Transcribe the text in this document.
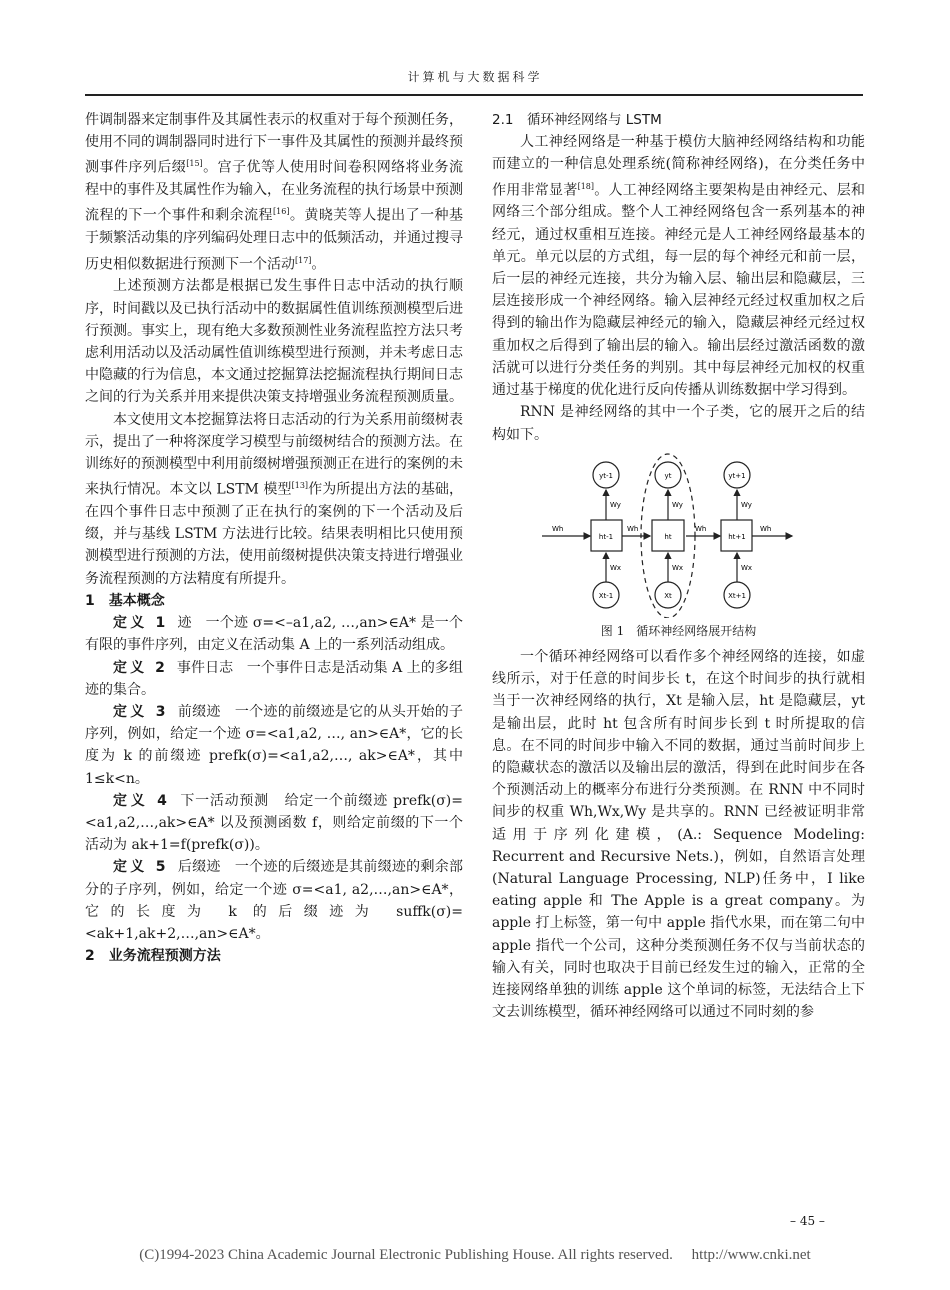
计算机与大数据科学

件调制器来定制事件及其属性表示的权重对于每个预测任务，使用不同的调制器同时进行下一事件及其属性的预测并最终预测事件序列后缀[15]。宫子优等人使用时间卷积网络将业务流程中的事件及其属性作为输入，在业务流程的执行场景中预测流程的下一个事件和剩余流程[16]。黄晓芙等人提出了一种基于频繁活动集的序列编码处理日志中的低频活动，并通过搜寻历史相似数据进行预测下一个活动[17]。

上述预测方法都是根据已发生事件日志中活动的执行顺序，时间戳以及已执行活动中的数据属性值训练预测模型后进行预测。事实上，现有绝大多数预测性业务流程监控方法只考虑利用活动以及活动属性值训练模型进行预测，并未考虑日志中隐藏的行为信息，本文通过挖掘算法挖掘流程执行期间日志之间的行为关系并用来提供决策支持增强业务流程预测质量。

本文使用文本挖掘算法将日志活动的行为关系用前缀树表示，提出了一种将深度学习模型与前缀树结合的预测方法。在训练好的预测模型中利用前缀树增强预测正在进行的案例的未来执行情况。本文以 LSTM 模型[13]作为所提出方法的基础，在四个事件日志中预测了正在执行的案例的下一个活动及后缀，并与基线 LSTM 方法进行比较。结果表明相比只使用预测模型进行预测的方法，使用前缀树提供决策支持进行增强业务流程预测的方法精度有所提升。

1　基本概念

定义 1 迹 一个迹 σ=<–a1,a2, …,an>∈A* 是一个有限的事件序列，由定义在活动集 A 上的一系列活动组成。

定义 2 事件日志 一个事件日志是活动集 A 上的多组迹的集合。

定义 3 前缀迹 一个迹的前缀迹是它的从头开始的子序列，例如，给定一个迹 σ=<a1,a2, …, an>∈A*，它的长度为 k 的前缀迹 prefk(σ)=<a1,a2,…, ak>∈A*，其中 1≤k<n。

定义 4 下一活动预测 给定一个前缀迹 prefk(σ)=<a1,a2,…,ak>∈A* 以及预测函数 f，则给定前缀的下一个活动为 ak+1=f(prefk(σ))。

定义 5 后缀迹 一个迹的后缀迹是其前缀迹的剩余部分的子序列，例如，给定一个迹 σ=<a1, a2,…,an>∈A*，它的长度为 k 的后缀迹为 suffk(σ)=<ak+1,ak+2,…,an>∈A*。

2　业务流程预测方法

2.1　循环神经网络与 LSTM

人工神经网络是一种基于模仿大脑神经网络结构和功能而建立的一种信息处理系统(简称神经网络)，在分类任务中作用非常显著[18]。人工神经网络主要架构是由神经元、层和网络三个部分组成。整个人工神经网络包含一系列基本的神经元，通过权重相互连接。神经元是人工神经网络最基本的单元。单元以层的方式组，每一层的每个神经元和前一层，后一层的神经元连接，共分为输入层、输出层和隐藏层，三层连接形成一个神经网络。输入层神经元经过权重加权之后得到的输出作为隐藏层神经元的输入，隐藏层神经元经过权重加权之后得到了输出层的输入。输出层经过激活函数的激活就可以进行分类任务的判别。其中每层神经元加权的权重通过基于梯度的优化进行反向传播从训练数据中学习得到。

RNN 是神经网络的其中一个子类，它的展开之后的结构如下。

Wh	Wh	Wh	Wh
yt-1
ht-1
Xt-1
Wy
Wx
yt
ht
Xt
Wy
Wx
yt+1
ht+1
Xt+1
Wy
Wx
图 1　循环神经网络展开结构

一个循环神经网络可以看作多个神经网络的连接，如虚线所示，对于任意的时间步长 t，在这个时间步的执行就相当于一次神经网络的执行，Xt 是输入层，ht 是隐藏层，yt 是输出层，此时 ht 包含所有时间步长到 t 时所提取的信息。在不同的时间步中输入不同的数据，通过当前时间步上的隐藏状态的激活以及输出层的激活，得到在此时间步在各个预测活动上的概率分布进行分类预测。在 RNN 中不同时间步的权重 Wh,Wx,Wy 是共享的。RNN 已经被证明非常适用于序列化建模，(A.: Sequence Modeling: Recurrent and Recursive Nets.)，例如，自然语言处理(Natural Language Processing, NLP)任务中，I like eating apple 和 The Apple is a great company。为 apple 打上标签，第一句中 apple 指代水果，而在第二句中 apple 指代一个公司，这种分类预测任务不仅与当前状态的输入有关，同时也取决于目前已经发生过的输入，正常的全连接网络单独的训练 apple 这个单词的标签，无法结合上下文去训练模型，循环神经网络可以通过不同时刻的参

– 45 –
(C)1994-2023 China Academic Journal Electronic Publishing House. All rights reserved.　 http://www.cnki.net
